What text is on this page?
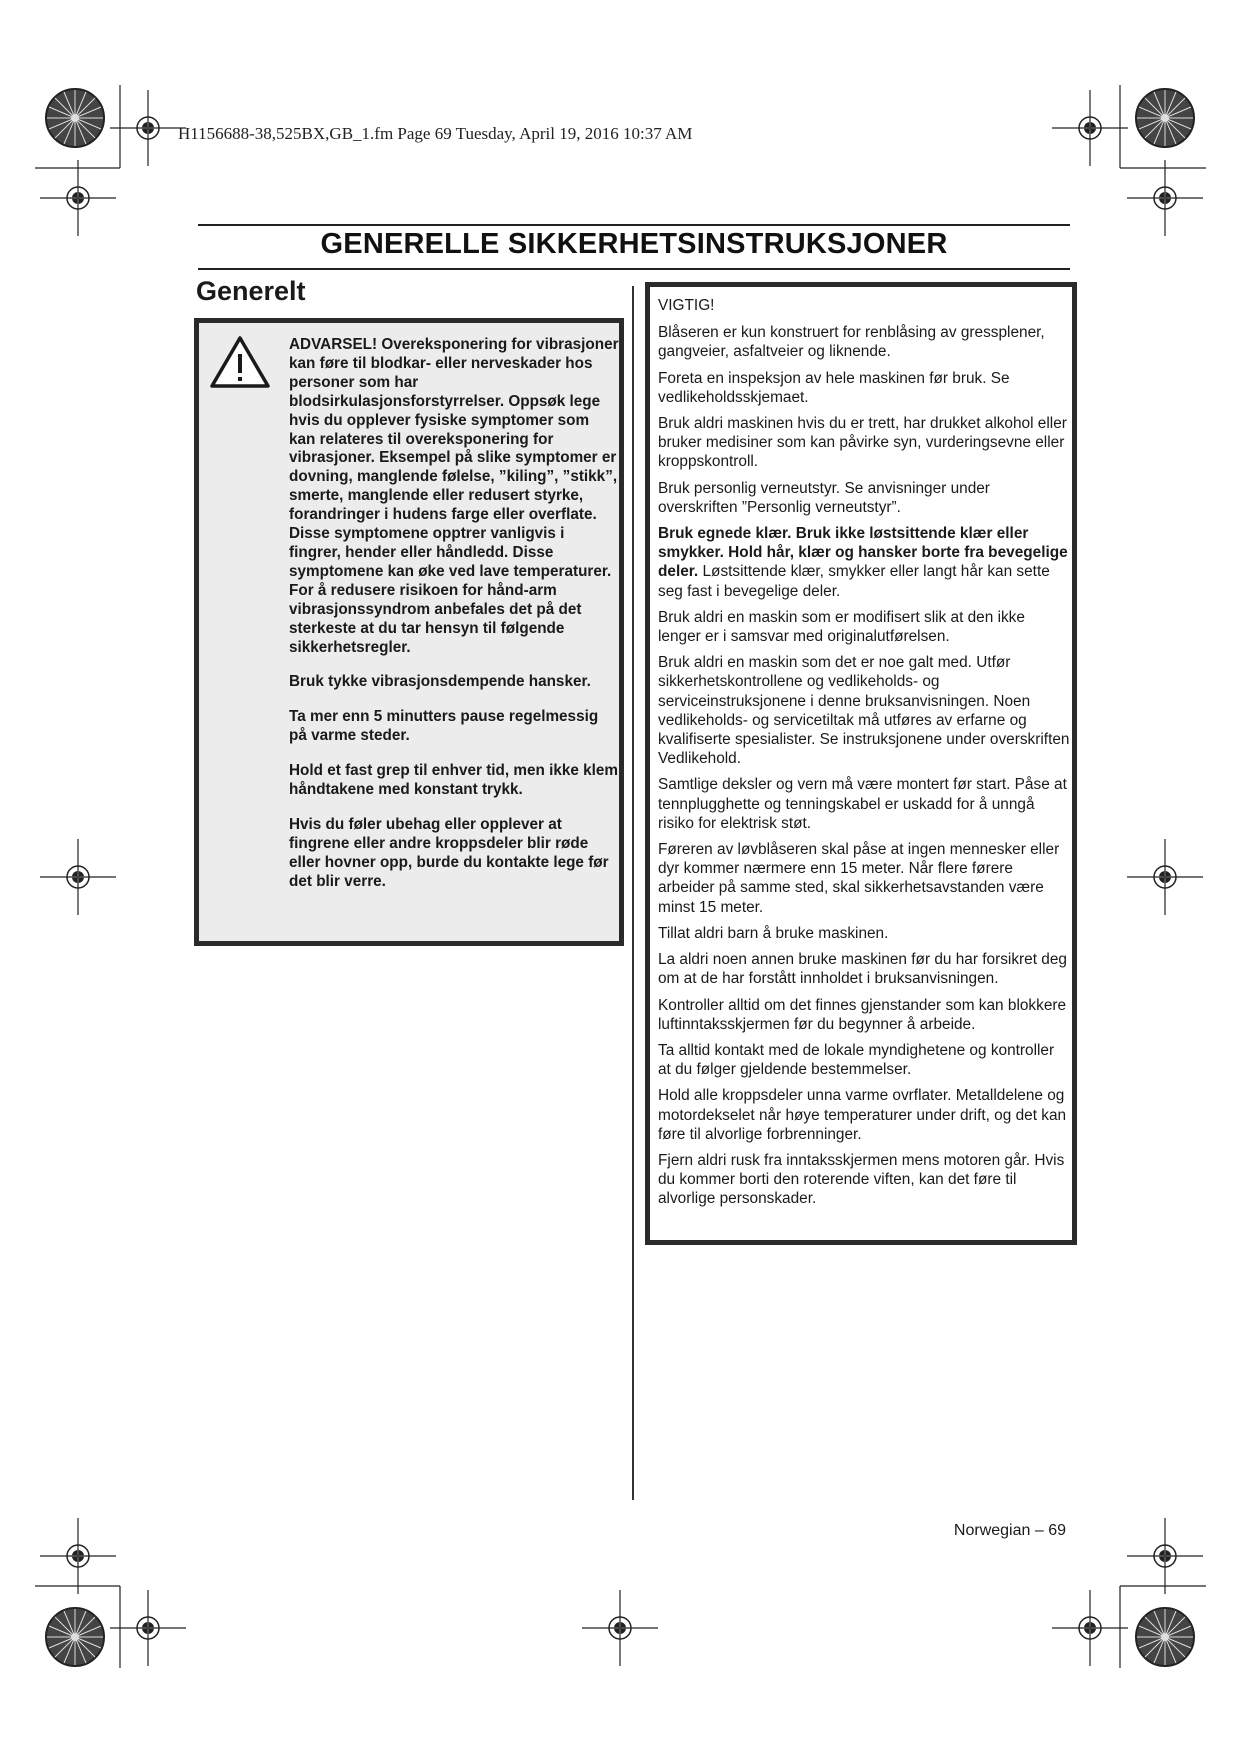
H1156688-38,525BX,GB_1.fm Page 69 Tuesday, April 19, 2016 10:37 AM
GENERELLE SIKKERHETSINSTRUKSJONER
Generelt

ADVARSEL! Overeksponering for vibrasjoner kan føre til blodkar- eller nerveskader hos personer som har blodsirkulasjonsforstyrrelser. Oppsøk lege hvis du opplever fysiske symptomer som kan relateres til overeksponering for vibrasjoner. Eksempel på slike symptomer er dovning, manglende følelse, ”kiling”, ”stikk”, smerte, manglende eller redusert styrke, forandringer i hudens farge eller overflate. Disse symptomene opptrer vanligvis i fingrer, hender eller håndledd. Disse symptomene kan øke ved lave temperaturer. For å redusere risikoen for hånd-arm vibrasjonssyndrom anbefales det på det sterkeste at du tar hensyn til følgende sikkerhetsregler.

Bruk tykke vibrasjonsdempende hansker.

Ta mer enn 5 minutters pause regelmessig på varme steder.

Hold et fast grep til enhver tid, men ikke klem håndtakene med konstant trykk.

Hvis du føler ubehag eller opplever at fingrene eller andre kroppsdeler blir røde eller hovner opp, burde du kontakte lege før det blir verre.

VIGTIG!

Blåseren er kun konstruert for renblåsing av gressplener, gangveier, asfaltveier og liknende.

Foreta en inspeksjon av hele maskinen før bruk. Se vedlikeholdsskjemaet.

Bruk aldri maskinen hvis du er trett, har drukket alkohol eller bruker medisiner som kan påvirke syn, vurderingsevne eller kroppskontroll.

Bruk personlig verneutstyr. Se anvisninger under overskriften ”Personlig verneutstyr”.

Bruk egnede klær. Bruk ikke løstsittende klær eller smykker. Hold hår, klær og hansker borte fra bevegelige deler. Løstsittende klær, smykker eller langt hår kan sette seg fast i bevegelige deler.

Bruk aldri en maskin som er modifisert slik at den ikke lenger er i samsvar med originalutførelsen.

Bruk aldri en maskin som det er noe galt med. Utfør sikkerhetskontrollene og vedlikeholds- og serviceinstruksjonene i denne bruksanvisningen. Noen vedlikeholds- og servicetiltak må utføres av erfarne og kvalifiserte spesialister. Se instruksjonene under overskriften Vedlikehold.

Samtlige deksler og vern må være montert før start. Påse at tennplugghette og tenningskabel er uskadd for å unngå risiko for elektrisk støt.

Føreren av løvblåseren skal påse at ingen mennesker eller dyr kommer nærmere enn 15 meter. Når flere førere arbeider på samme sted, skal sikkerhetsavstanden være minst 15 meter.

Tillat aldri barn å bruke maskinen.

La aldri noen annen bruke maskinen før du har forsikret deg om at de har forstått innholdet i bruksanvisningen.

Kontroller alltid om det finnes gjenstander som kan blokkere luftinntaksskjermen før du begynner å arbeide.

Ta alltid kontakt med de lokale myndighetene og kontroller at du følger gjeldende bestemmelser.

Hold alle kroppsdeler unna varme ovrflater. Metalldelene og motordekselet når høye temperaturer under drift, og det kan føre til alvorlige forbrenninger.

Fjern aldri rusk fra inntaksskjermen mens motoren går. Hvis du kommer borti den roterende viften, kan det føre til alvorlige personskader.

Norwegian – 69
